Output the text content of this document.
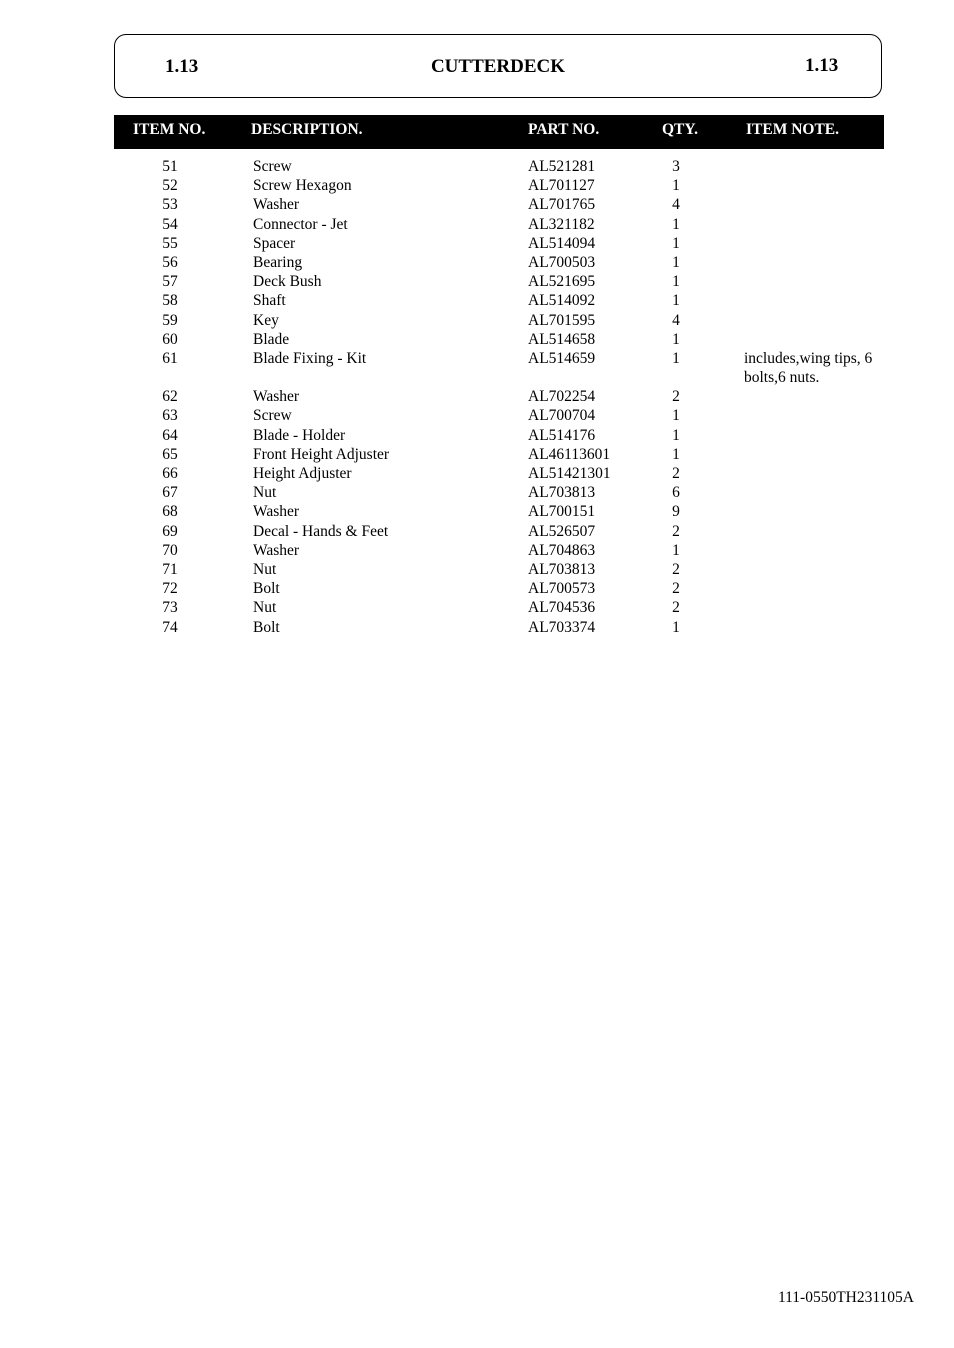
1.13	CUTTERDECK	1.13
ITEM NO.	DESCRIPTION.	PART NO.	QTY.	ITEM NOTE.
51	Screw	AL521281	3
52	Screw Hexagon	AL701127	1
53	Washer	AL701765	4
54	Connector - Jet	AL321182	1
55	Spacer	AL514094	1
56	Bearing	AL700503	1
57	Deck Bush	AL521695	1
58	Shaft	AL514092	1
59	Key	AL701595	4
60	Blade	AL514658	1
61	Blade Fixing - Kit	AL514659	1	includes,wing tips, 6 bolts,6 nuts.
62	Washer	AL702254	2
63	Screw	AL700704	1
64	Blade - Holder	AL514176	1
65	Front Height Adjuster	AL46113601	1
66	Height Adjuster	AL51421301	2
67	Nut	AL703813	6
68	Washer	AL700151	9
69	Decal - Hands & Feet	AL526507	2
70	Washer	AL704863	1
71	Nut	AL703813	2
72	Bolt	AL700573	2
73	Nut	AL704536	2
74	Bolt	AL703374	1
111-0550TH231105A
